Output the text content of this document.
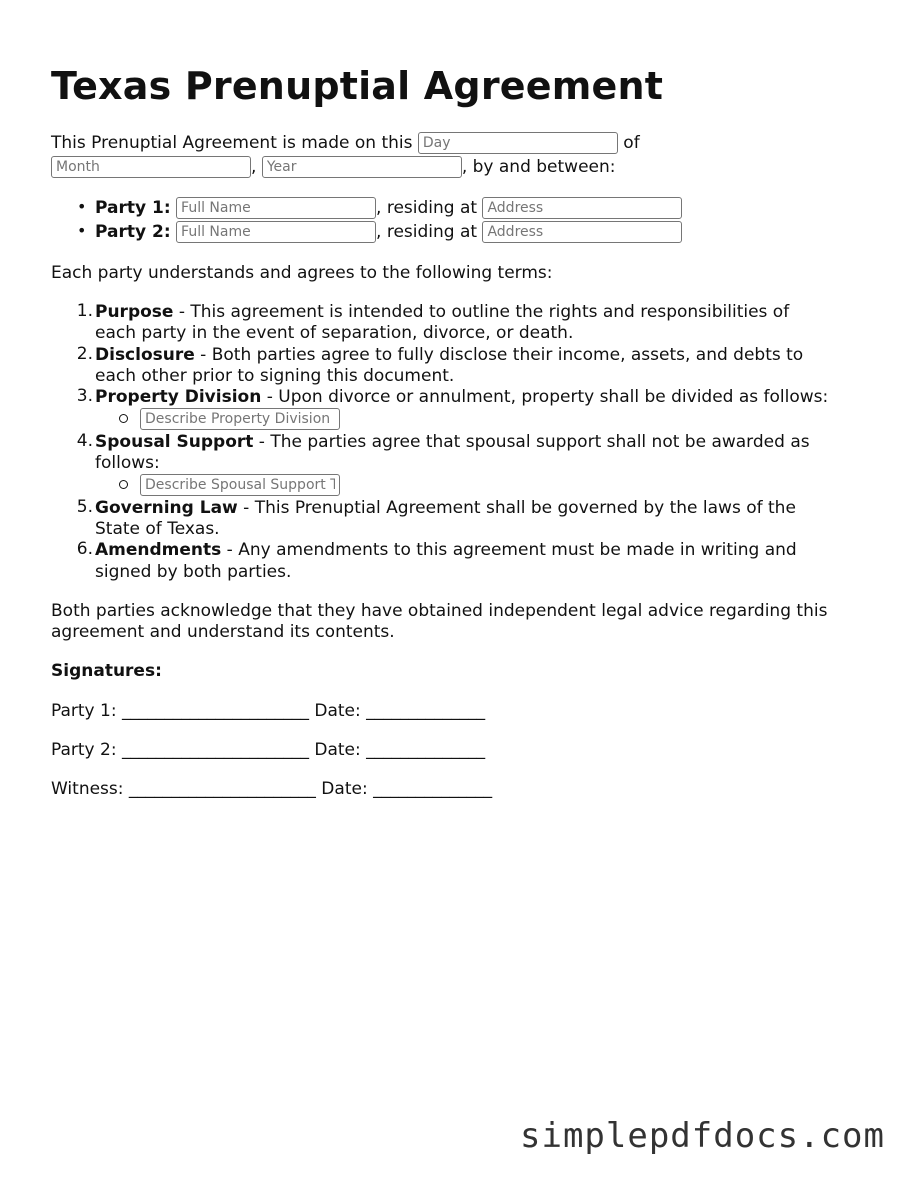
Texas Prenuptial Agreement
This Prenuptial Agreement is made on this Day	of
Month, Year	, by and between:
• Party 1: Full Name	, residing at Address
• Party 2: Full Name	, residing at Address
Each party understands and agrees to the following terms:
1. Purpose - This agreement is intended to outline the rights and responsibilities of
each party in the event of separation, divorce, or death.
2. Disclosure - Both parties agree to fully disclose their income, assets, and debts to
each other prior to signing this document.
3. Property Division - Upon divorce or annulment, property shall be divided as follows:
Describe Property Division
4. Spousal Support - The parties agree that spousal support shall not be awarded as
follows:
Describe Spousal Support Terms
5. Governing Law - This Prenuptial Agreement shall be governed by the laws of the
State of Texas.
6. Amendments - Any amendments to this agreement must be made in writing and
signed by both parties.
Both parties acknowledge that they have obtained independent legal advice regarding this
agreement and understand its contents.
Signatures:
Party 1: ______________________ Date: ______________
Party 2: ______________________ Date: ______________
Witness: ______________________ Date: ______________
simplepdfdocs.com
